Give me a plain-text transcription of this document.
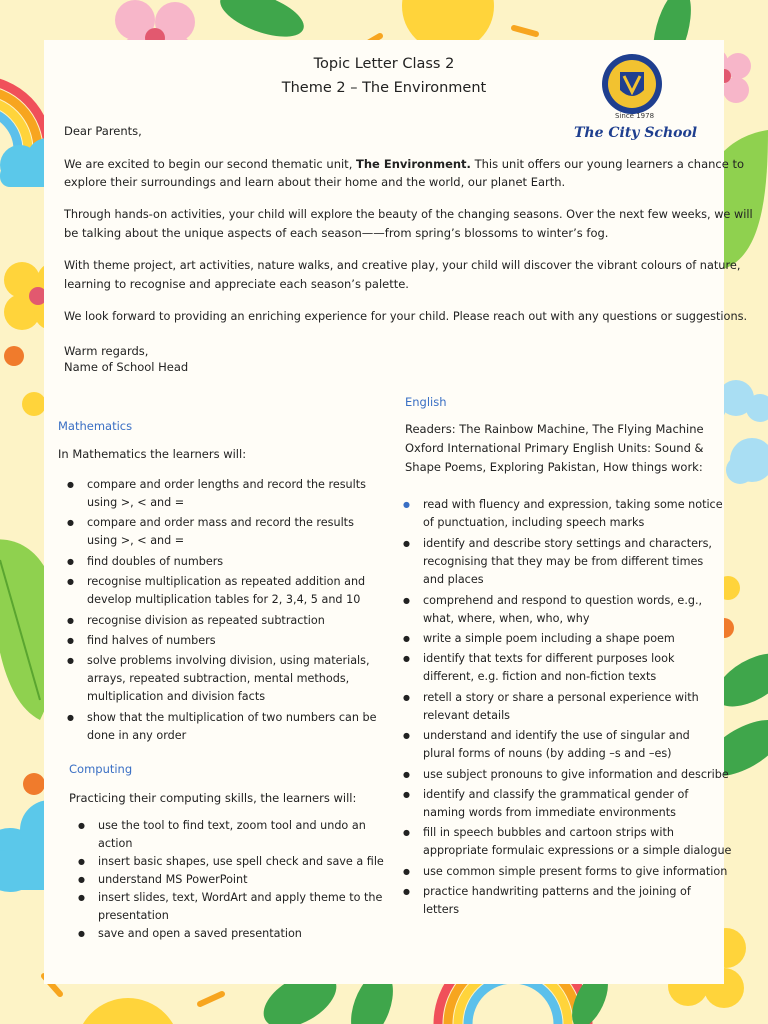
Topic Letter Class 2
Theme 2 – The Environment
Since 1978
The City School
Dear Parents,
We are excited to begin our second thematic unit, The Environment. This unit offers our young learners a chance to
explore their surroundings and learn about their home and the world, our planet Earth.
Through hands-on activities, your child will explore the beauty of the changing seasons. Over the next few weeks, we will
be talking about the unique aspects of each season——from spring’s blossoms to winter’s fog.
With theme project, art activities, nature walks, and creative play, your child will discover the vibrant colours of nature,
learning to recognise and appreciate each season’s palette.
We look forward to providing an enriching experience for your child. Please reach out with any questions or suggestions.
Warm regards,
Name of School Head
Mathematics
In Mathematics the learners will:
● compare and order lengths and record the results
using >, < and =
● compare and order mass and record the results
using >, < and =
● find doubles of numbers
● recognise multiplication as repeated addition and
develop multiplication tables for 2, 3,4, 5 and 10
● recognise division as repeated subtraction
● find halves of numbers
● solve problems involving division, using materials,
arrays, repeated subtraction, mental methods,
multiplication and division facts
● show that the multiplication of two numbers can be
done in any order
Computing
Practicing their computing skills, the learners will:
● use the tool to find text, zoom tool and undo an
action
● insert basic shapes, use spell check and save a file
● understand MS PowerPoint
● insert slides, text, WordArt and apply theme to the
presentation
● save and open a saved presentation
English
Readers: The Rainbow Machine, The Flying Machine
Oxford International Primary English Units: Sound &
Shape Poems, Exploring Pakistan, How things work:
● read with fluency and expression, taking some notice
of punctuation, including speech marks
● identify and describe story settings and characters,
recognising that they may be from different times
and places
● comprehend and respond to question words, e.g.,
what, where, when, who, why
● write a simple poem including a shape poem
● identify that texts for different purposes look
different, e.g. fiction and non-fiction texts
● retell a story or share a personal experience with
relevant details
● understand and identify the use of singular and
plural forms of nouns (by adding –s and –es)
● use subject pronouns to give information and describe
● identify and classify the grammatical gender of
naming words from immediate environments
● fill in speech bubbles and cartoon strips with
appropriate formulaic expressions or a simple dialogue
● use common simple present forms to give information
● practice handwriting patterns and the joining of
letters
